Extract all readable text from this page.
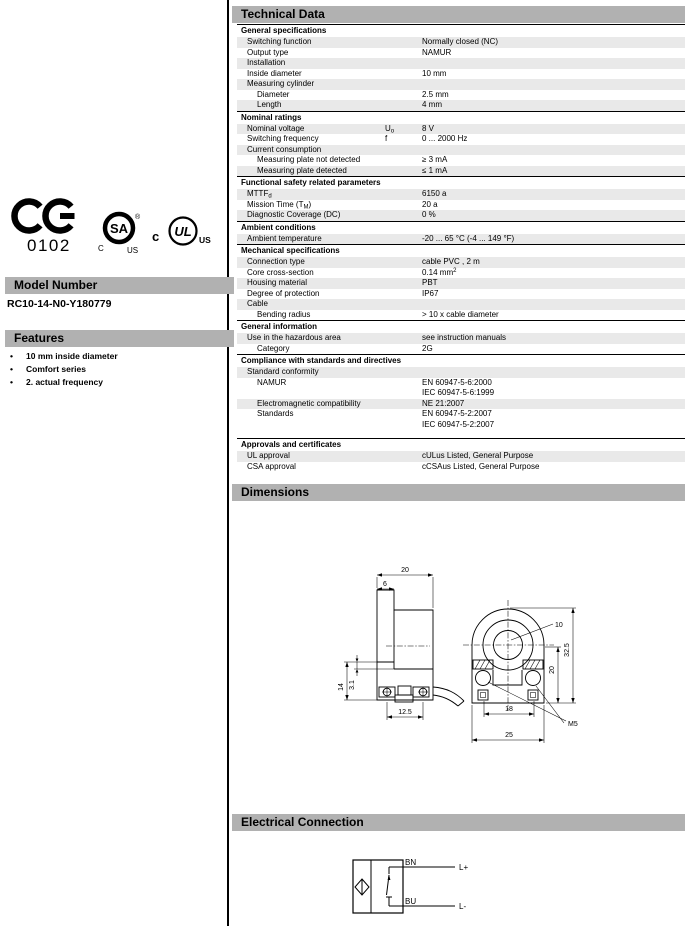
0102
SA
®
C	US
c UL
US
Model Number
RC10-14-N0-Y180779
Features
•	10 mm inside diameter
•	Comfort series
•	2. actual frequency
Technical Data
General specifications
Switching function	Normally closed (NC)
Output type	NAMUR
Installation
Inside diameter	10 mm
Measuring cylinder
Diameter	2.5 mm
Length	4 mm
Nominal ratings
Nominal voltage	$U_o$	8 V
Switching frequency	f	0 ... 2000 Hz
Current consumption
Measuring plate not detected	≥ 3 mA
Measuring plate detected	≤ 1 mA
Functional safety related parameters
$MTTF_d$	6150 a
Mission Time $(T_M)$	20 a
Diagnostic Coverage (DC)	0 %
Ambient conditions
Ambient temperature	-20 ... 65 °C (-4 ... 149 °F)
Mechanical specifications
Connection type	cable PVC , 2 m
Core cross-section	0.14 $mm^2$
Housing material	PBT
Degree of protection	IP67
Cable
Bending radius	> 10 x cable diameter
General information
Use in the hazardous area	see instruction manuals
Category	2G
Compliance with standards and directives
Standard conformity
NAMUR	EN 60947-5-6:2000
IEC 60947-5-6:1999
Electromagnetic compatibility	NE 21:2007
Standards	EN 60947-5-2:2007
IEC 60947-5-2:2007
Approvals and certificates
UL approval	cULus Listed, General Purpose
CSA approval	cCSAus Listed, General Purpose
Dimensions
20
6
14 3.1
12.5
10
32.5
20
18
25
M5
Electrical Connection
BN
BU
L+
L-
